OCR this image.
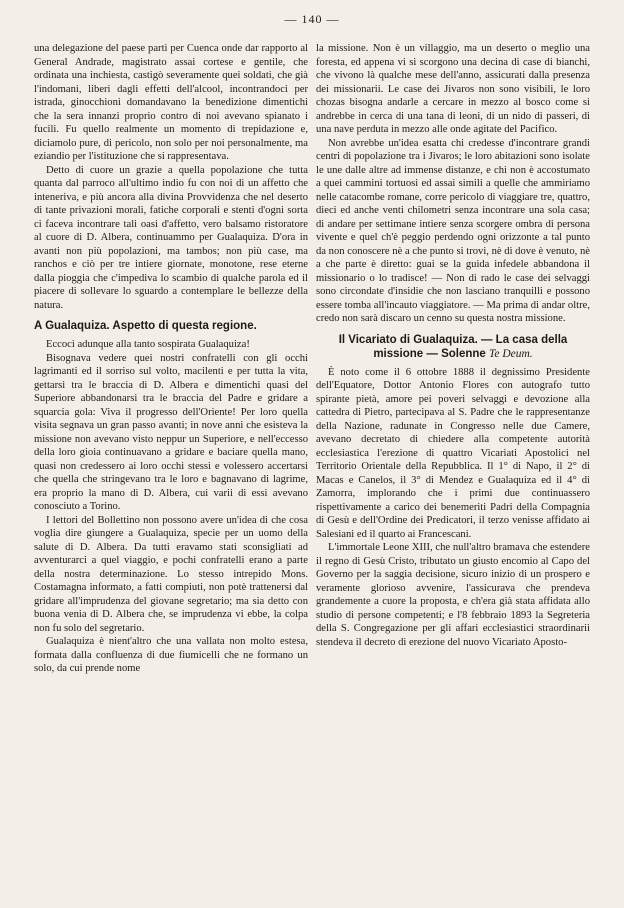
— 140 —

una delegazione del paese partì per Cuenca onde dar rapporto al General Andrade, magistrato assai cortese e gentile, che ordinata una inchiesta, castigò severamente quei soldati, che già l'indomani, liberi dagli effetti dell'alcool, incontrandoci per istrada, ginocchioni domandavano la benedizione dimentichi che la sera innanzi proprio contro di noi avevano spianato i fucili. Fu quello realmente un momento di trepidazione e, diciamolo pure, di pericolo, non solo per noi personalmente, ma eziandio per l'istituzione che si rappresentava.

Detto di cuore un grazie a quella popolazione che tutta quanta dal parroco all'ultimo indio fu con noi di un affetto che inteneriva, e più ancora alla divina Provvidenza che nel deserto di tante privazioni morali, fatiche corporali e stenti d'ogni sorta ci faceva incontrare tali oasi d'affetto, vero balsamo ristoratore al cuore di D. Albera, continuammo per Gualaquiza. D'ora in avanti non più popolazioni, ma tambos; non più case, ma ranchos e ciò per tre intiere giornate, monotone, rese eterne dalla pioggia che c'impediva lo scambio di qualche parola ed il piacere di sollevare lo sguardo a contemplare le bellezze della natura.

A Gualaquiza. Aspetto di questa regione.

Eccoci adunque alla tanto sospirata Gualaquiza!

Bisognava vedere quei nostri confratelli con gli occhi lagrimanti ed il sorriso sul volto, macilenti e per tutta la vita, gettarsi tra le braccia di D. Albera e dimentichi quasi del Superiore abbandonarsi tra le braccia del Padre e gridare a squarcia gola: Viva il progresso dell'Oriente! Per loro quella visita segnava un gran passo avanti; in nove anni che esisteva la missione non avevano visto neppur un Superiore, e nell'eccesso della loro gioia continuavano a gridare e baciare quella mano, quasi non credessero ai loro occhi stessi e volessero accertarsi che quella che stringevano tra le loro e bagnavano di lagrime, era proprio la mano di D. Albera, cui varii di essi avevano conosciuto a Torino.

I lettori del Bollettino non possono avere un'idea di che cosa voglia dire giungere a Gualaquiza, specie per un uomo della salute di D. Albera. Da tutti eravamo stati sconsigliati ad avventurarci a quel viaggio, e pochi confratelli erano a parte della nostra determinazione. Lo stesso intrepido Mons. Costamagna informato, a fatti compiuti, non potè trattenersi dal gridare all'imprudenza del giovane segretario; ma sia detto con buona venia di D. Albera che, se imprudenza vi ebbe, la colpa non fu solo del segretario.

Gualaquiza è nient'altro che una vallata non molto estesa, formata dalla confluenza di due fiumicelli che ne formano un solo, da cui prende nome

la missione. Non è un villaggio, ma un deserto o meglio una foresta, ed appena vi si scorgono una decina di case di bianchi, che vivono là qualche mese dell'anno, assicurati dalla presenza dei missionarii. Le case dei Jivaros non sono visibili, le loro chozas bisogna andarle a cercare in mezzo al bosco come si andrebbe in cerca di una tana di leoni, di un nido di passeri, di una nave perduta in mezzo alle onde agitate del Pacifico.

Non avrebbe un'idea esatta chi credesse d'incontrare grandi centri di popolazione tra i Jivaros; le loro abitazioni sono isolate le une dalle altre ad immense distanze, e chi non è accostumato a quei cammini tortuosi ed assai simili a quelle che ammiriamo nelle catacombe romane, corre pericolo di viaggiare tre, quattro, dieci ed anche venti chilometri senza incontrare una sola casa; di andare per settimane intiere senza scorgere ombra di persona vivente e quel ch'è peggio perdendo ogni orizzonte a tal punto da non conoscere nè a che punto si trovi, nè di dove è venuto, nè a che parte è diretto: guai se la guida infedele abbandona il missionario o lo tradisce! — Non di rado le case dei selvaggi sono circondate d'insidie che non lasciano tranquilli e possono essere tomba all'incauto viaggiatore. — Ma prima di andar oltre, credo non sarà discaro un cenno su questa nostra missione.

Il Vicariato di Gualaquiza. — La casa della missione — Solenne Te Deum.

È noto come il 6 ottobre 1888 il degnissimo Presidente dell'Equatore, Dottor Antonio Flores con autografo tutto spirante pietà, amore pei poveri selvaggi e devozione alla cattedra di Pietro, partecipava al S. Padre che le rappresentanze della Nazione, radunate in Congresso nelle due Camere, avevano decretato di chiedere alla competente autorità ecclesiastica l'erezione di quattro Vicariati Apostolici nel Territorio Orientale della Repubblica. Il 1° di Napo, il 2° di Macas e Canelos, il 3° di Mendez e Gualaquiza ed il 4° di Zamorra, implorando che i primi due continuassero rispettivamente a carico dei benemeriti Padri della Compagnia di Gesù e dell'Ordine dei Predicatori, il terzo venisse affidato ai Salesiani ed il quarto ai Francescani.

L'immortale Leone XIII, che null'altro bramava che estendere il regno di Gesù Cristo, tributato un giusto encomio al Capo del Governo per la saggia decisione, sicuro inizio di un prospero e veramente glorioso avvenire, l'assicurava che prendeva grandemente a cuore la proposta, e ch'era già stata affidata allo studio di persone competenti; e l'8 febbraio 1893 la Segreteria della S. Congregazione per gli affari ecclesiastici straordinarii stendeva il decreto di erezione del nuovo Vicariato Aposto-
